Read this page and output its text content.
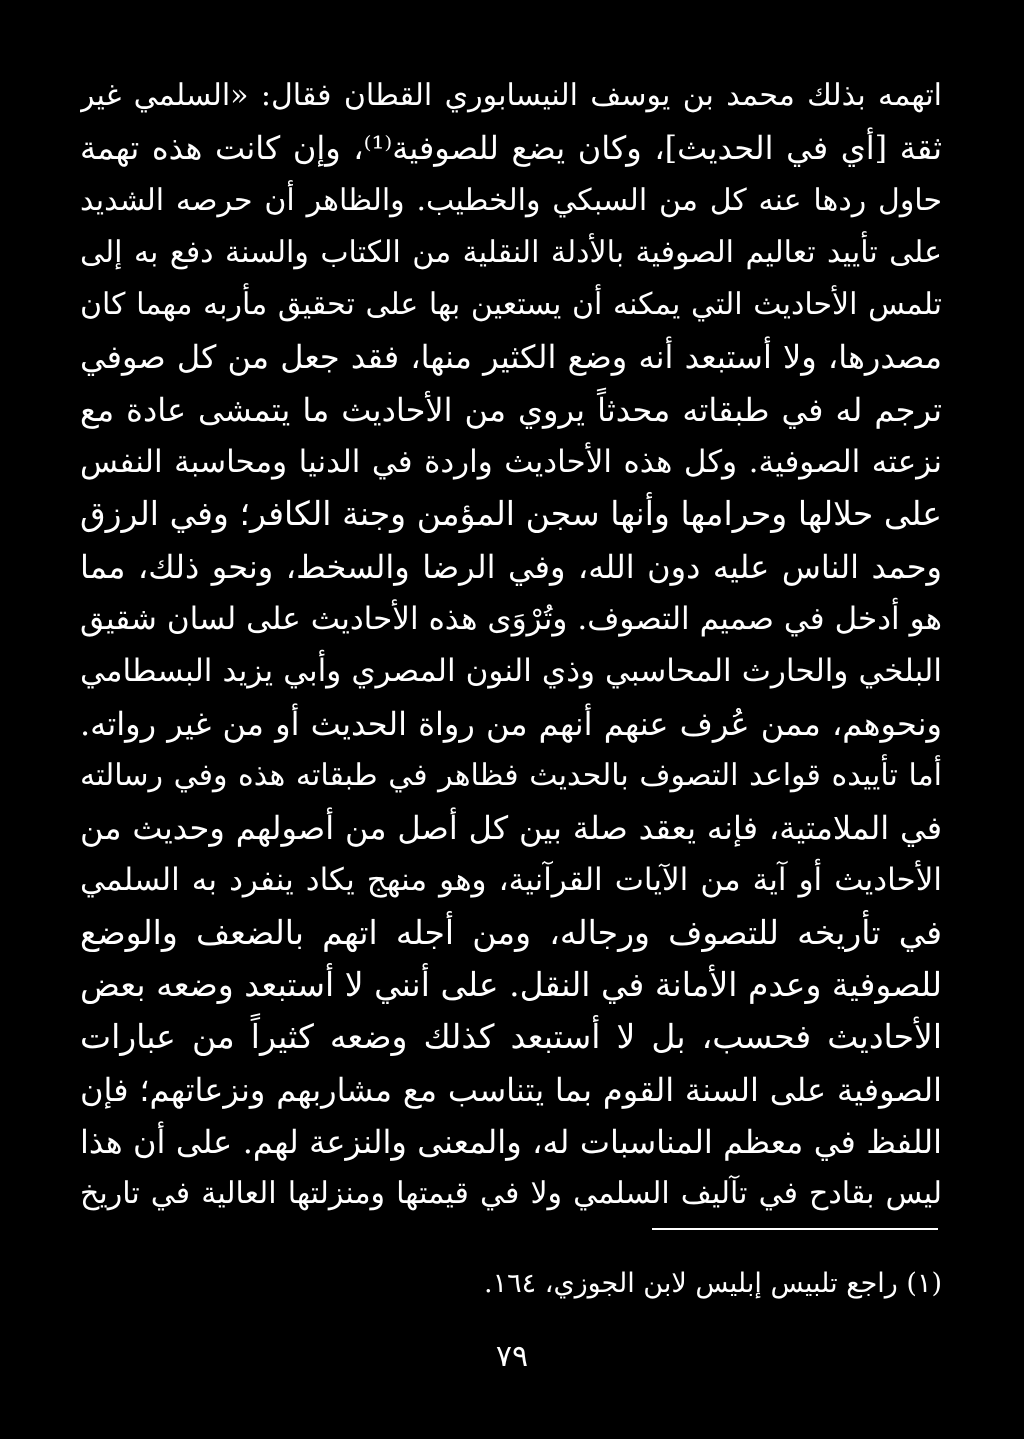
اتهمه بذلك محمد بن يوسف النيسابوري القطان فقال: «السلمي غير
ثقة [أي في الحديث]، وكان يضع للصوفية⁽¹⁾، وإن كانت هذه تهمة
حاول ردها عنه كل من السبكي والخطيب. والظاهر أن حرصه الشديد
على تأييد تعاليم الصوفية بالأدلة النقلية من الكتاب والسنة دفع به إلى
تلمس الأحاديث التي يمكنه أن يستعين بها على تحقيق مأربه مهما كان
مصدرها، ولا أستبعد أنه وضع الكثير منها، فقد جعل من كل صوفي
ترجم له في طبقاته محدثاً يروي من الأحاديث ما يتمشى عادة مع
نزعته الصوفية. وكل هذه الأحاديث واردة في الدنيا ومحاسبة النفس
على حلالها وحرامها وأنها سجن المؤمن وجنة الكافر؛ وفي الرزق
وحمد الناس عليه دون الله، وفي الرضا والسخط، ونحو ذلك، مما
هو أدخل في صميم التصوف. وتُرْوَى هذه الأحاديث على لسان شقيق
البلخي والحارث المحاسبي وذي النون المصري وأبي يزيد البسطامي
ونحوهم، ممن عُرف عنهم أنهم من رواة الحديث أو من غير رواته.
أما تأييده قواعد التصوف بالحديث فظاهر في طبقاته هذه وفي رسالته
في الملامتية، فإنه يعقد صلة بين كل أصل من أصولهم وحديث من
الأحاديث أو آية من الآيات القرآنية، وهو منهج يكاد ينفرد به السلمي
في تأريخه للتصوف ورجاله، ومن أجله اتهم بالضعف والوضع
للصوفية وعدم الأمانة في النقل. على أنني لا أستبعد وضعه بعض
الأحاديث فحسب، بل لا أستبعد كذلك وضعه كثيراً من عبارات
الصوفية على السنة القوم بما يتناسب مع مشاربهم ونزعاتهم؛ فإن
اللفظ في معظم المناسبات له، والمعنى والنزعة لهم. على أن هذا
ليس بقادح في تآليف السلمي ولا في قيمتها ومنزلتها العالية في تاريخ
(١) راجع تلبيس إبليس لابن الجوزي، ١٦٤.
٧٩
